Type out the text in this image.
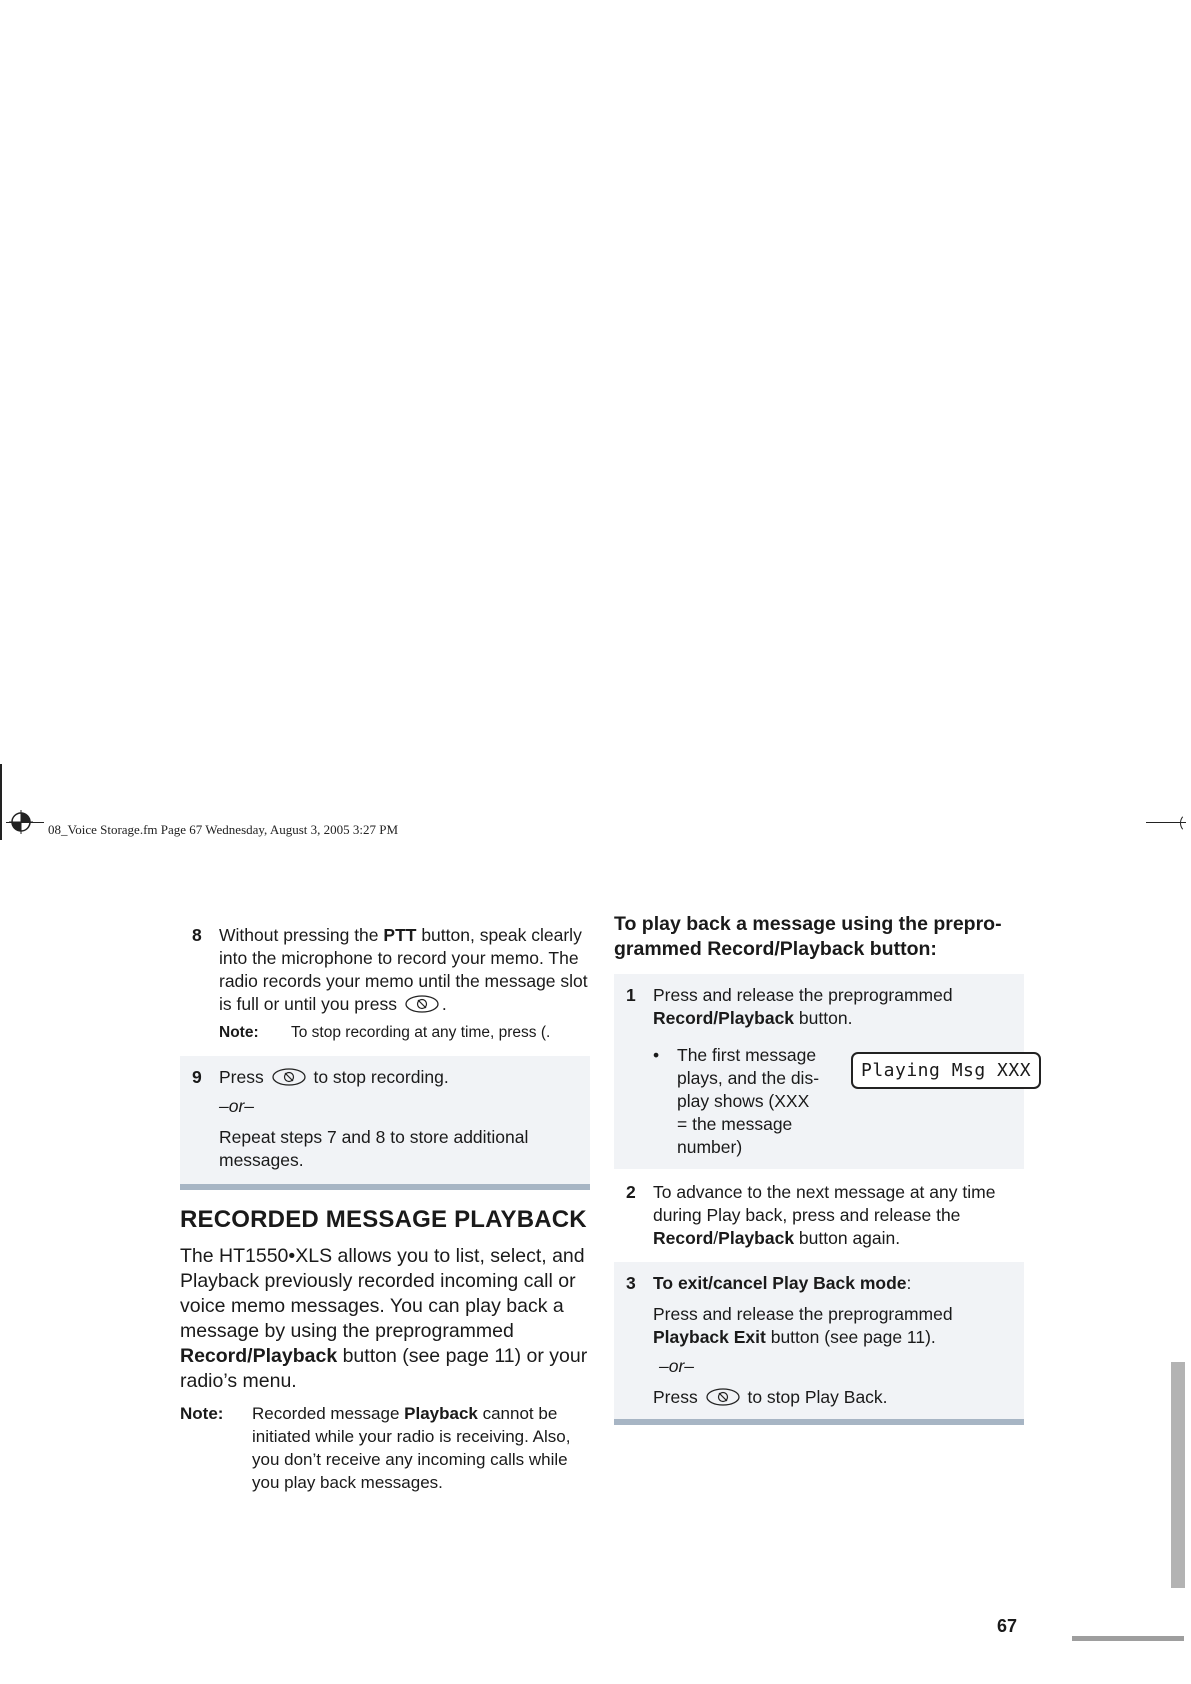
08_Voice Storage.fm Page 67 Wednesday, August 3, 2005 3:27 PM
8 Without pressing the PTT button, speak clearly into the microphone to record your memo. The radio records your memo until the message slot is full or until you press .
Note:	To stop recording at any time, press (.
9 Press  to stop recording.
–or–
Repeat steps 7 and 8 to store additional messages.
RECORDED MESSAGE PLAYBACK
The HT1550•XLS allows you to list, select, and Playback previously recorded incoming call or voice memo messages. You can play back a message by using the preprogrammed Record/Playback button (see page 11) or your radio’s menu.
Note:	Recorded message Playback cannot be initiated while your radio is receiving. Also, you don’t receive any incoming calls while you play back messages.
To play back a message using the prepro-
grammed Record/Playback button:
1 Press and release the preprogrammed Record/Playback button.
•	The first message
plays, and the dis-
play shows (XXX
= the message
number)
Playing Msg XXX
2 To advance to the next message at any time during Play back, press and release the Record/Playback button again.
3 To exit/cancel Play Back mode:
Press and release the preprogrammed Playback Exit button (see page 11).
–or–
Press  to stop Play Back.
67
